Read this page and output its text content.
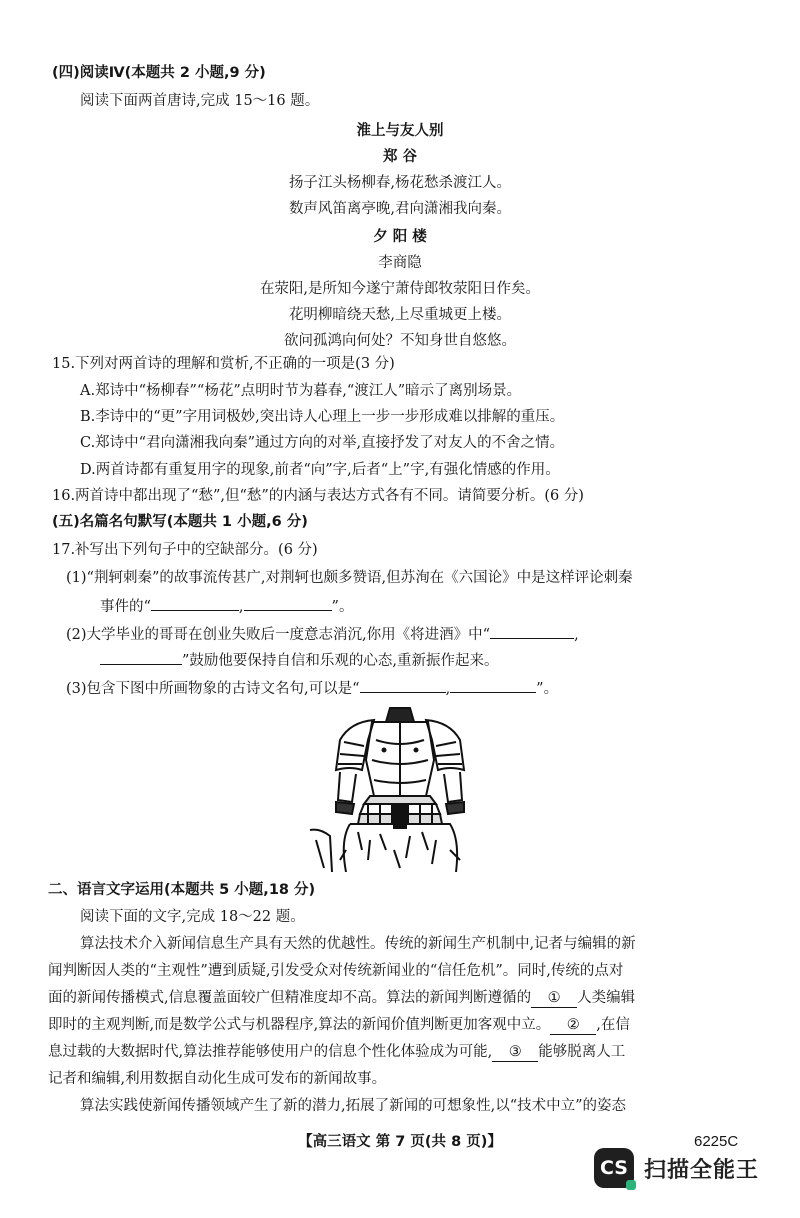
(四)阅读Ⅳ(本题共 2 小题,9 分)
阅读下面两首唐诗,完成 15～16 题。
淮上与友人别
郑 谷
扬子江头杨柳春,杨花愁杀渡江人。
数声风笛离亭晚,君向潇湘我向秦。
夕 阳 楼
李商隐
在荥阳,是所知今遂宁萧侍郎牧荥阳日作矣。
花明柳暗绕天愁,上尽重城更上楼。
欲问孤鸿向何处？不知身世自悠悠。
15.下列对两首诗的理解和赏析,不正确的一项是(3 分)
A.郑诗中“杨柳春”“杨花”点明时节为暮春,“渡江人”暗示了离别场景。
B.李诗中的“更”字用词极妙,突出诗人心理上一步一步形成难以排解的重压。
C.郑诗中“君向潇湘我向秦”通过方向的对举,直接抒发了对友人的不舍之情。
D.两首诗都有重复用字的现象,前者“向”字,后者“上”字,有强化情感的作用。
16.两首诗中都出现了“愁”,但“愁”的内涵与表达方式各有不同。请简要分析。(6 分)
(五)名篇名句默写(本题共 1 小题,6 分)
17.补写出下列句子中的空缺部分。(6 分)
(1)“荆轲刺秦”的故事流传甚广,对荆轲也颇多赞语,但苏洵在《六国论》中是这样评论刺秦
事件的“	,	”。
(2)大学毕业的哥哥在创业失败后一度意志消沉,你用《将进酒》中“	,
”鼓励他要保持自信和乐观的心态,重新振作起来。
(3)包含下图中所画物象的古诗文名句,可以是“	,	”。
二、语言文字运用(本题共 5 小题,18 分)
阅读下面的文字,完成 18～22 题。
算法技术介入新闻信息生产具有天然的优越性。传统的新闻生产机制中,记者与编辑的新
闻判断因人类的“主观性”遭到质疑,引发受众对传统新闻业的“信任危机”。同时,传统的点对
面的新闻传播模式,信息覆盖面较广但精准度却不高。算法的新闻判断遵循的 ① 人类编辑
即时的主观判断,而是数学公式与机器程序,算法的新闻价值判断更加客观中立。 ② ,在信
息过载的大数据时代,算法推荐能够使用户的信息个性化体验成为可能, ③ 能够脱离人工
记者和编辑,利用数据自动化生成可发布的新闻故事。
算法实践使新闻传播领域产生了新的潜力,拓展了新闻的可想象性,以“技术中立”的姿态
【高三语文 第 7 页(共 8 页)】	6225C
CS 扫描全能王
